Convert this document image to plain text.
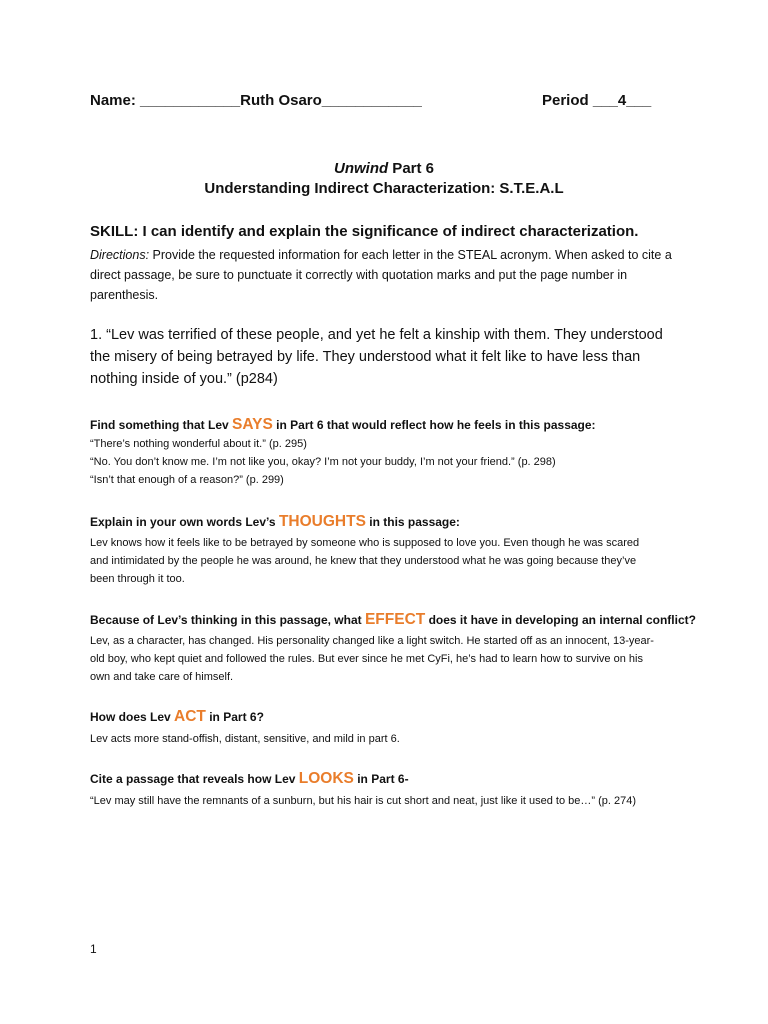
Name: ____________Ruth Osaro____________	Period ___4___
Unwind Part 6
Understanding Indirect Characterization: S.T.E.A.L
SKILL: I can identify and explain the significance of indirect characterization.
Directions: Provide the requested information for each letter in the STEAL acronym. When asked to cite a direct passage, be sure to punctuate it correctly with quotation marks and put the page number in parenthesis.
1. “Lev was terrified of these people, and yet he felt a kinship with them. They understood the misery of being betrayed by life. They understood what it felt like to have less than nothing inside of you.” (p284)
Find something that Lev SAYS in Part 6 that would reflect how he feels in this passage:
“There’s nothing wonderful about it.” (p. 295)
“No. You don’t know me. I’m not like you, okay? I’m not your buddy, I’m not your friend.” (p. 298)
“Isn’t that enough of a reason?” (p. 299)
Explain in your own words Lev’s THOUGHTS in this passage:
Lev knows how it feels like to be betrayed by someone who is supposed to love you. Even though he was scared
and intimidated by the people he was around, he knew that they understood what he was going because they’ve
been through it too.
Because of Lev’s thinking in this passage, what EFFECT does it have in developing an internal conflict?
Lev, as a character, has changed. His personality changed like a light switch. He started off as an innocent, 13-year-
old boy, who kept quiet and followed the rules. But ever since he met CyFi, he’s had to learn how to survive on his
own and take care of himself.
How does Lev ACT in Part 6?
Lev acts more stand-offish, distant, sensitive, and mild in part 6.
Cite a passage that reveals how Lev LOOKS in Part 6-
“Lev may still have the remnants of a sunburn, but his hair is cut short and neat, just like it used to be…” (p. 274)
1
